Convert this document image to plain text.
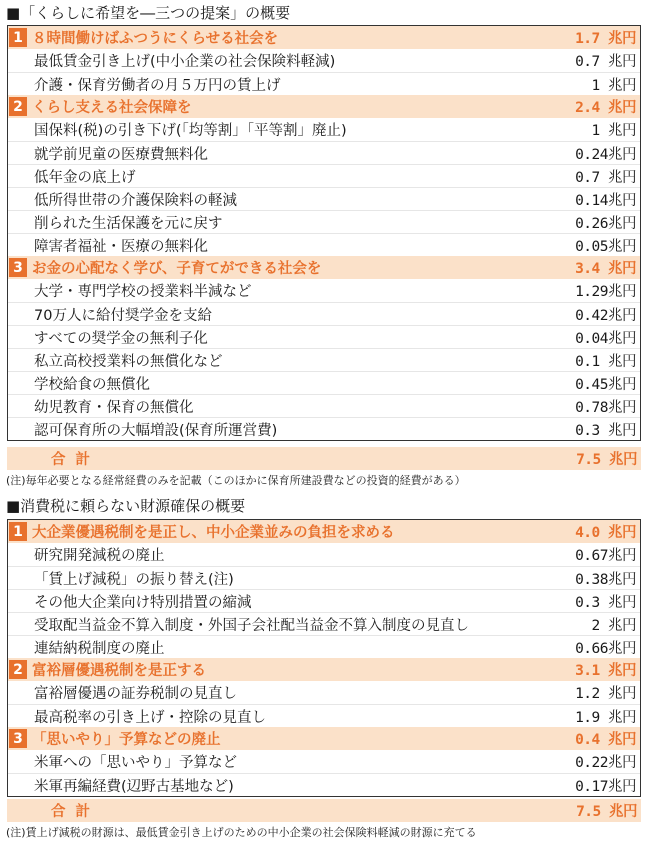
■「くらしに希望を―三つの提案」の概要
1 ８時間働けばふつうにくらせる社会を	1.7 兆円
最低賃金引き上げ(中小企業の社会保険料軽減)	0.7 兆円
介護・保育労働者の月５万円の賃上げ	1 兆円
2 くらし支える社会保障を	2.4 兆円
国保料(税)の引き下げ(「均等割」「平等割」廃止)	1 兆円
就学前児童の医療費無料化	0.24兆円
低年金の底上げ	0.7 兆円
低所得世帯の介護保険料の軽減	0.14兆円
削られた生活保護を元に戻す	0.26兆円
障害者福祉・医療の無料化	0.05兆円
3 お金の心配なく学び、子育てができる社会を	3.4 兆円
大学・専門学校の授業料半減など	1.29兆円
70万人に給付奨学金を支給	0.42兆円
すべての奨学金の無利子化	0.04兆円
私立高校授業料の無償化など	0.1 兆円
学校給食の無償化	0.45兆円
幼児教育・保育の無償化	0.78兆円
認可保育所の大幅増設(保育所運営費)	0.3 兆円
合計	7.5 兆円
(注)毎年必要となる経常経費のみを記載（このほかに保育所建設費などの投資的経費がある）
■消費税に頼らない財源確保の概要
1 大企業優遇税制を是正し、中小企業並みの負担を求める	4.0 兆円
研究開発減税の廃止	0.67兆円
「賃上げ減税」の振り替え(注)	0.38兆円
その他大企業向け特別措置の縮減	0.3 兆円
受取配当益金不算入制度・外国子会社配当益金不算入制度の見直し	2 兆円
連結納税制度の廃止	0.66兆円
2 富裕層優遇税制を是正する	3.1 兆円
富裕層優遇の証券税制の見直し	1.2 兆円
最高税率の引き上げ・控除の見直し	1.9 兆円
3 「思いやり」予算などの廃止	0.4 兆円
米軍への「思いやり」予算など	0.22兆円
米軍再編経費(辺野古基地など)	0.17兆円
合計	7.5 兆円
(注)賃上げ減税の財源は、最低賃金引き上げのための中小企業の社会保険料軽減の財源に充てる
